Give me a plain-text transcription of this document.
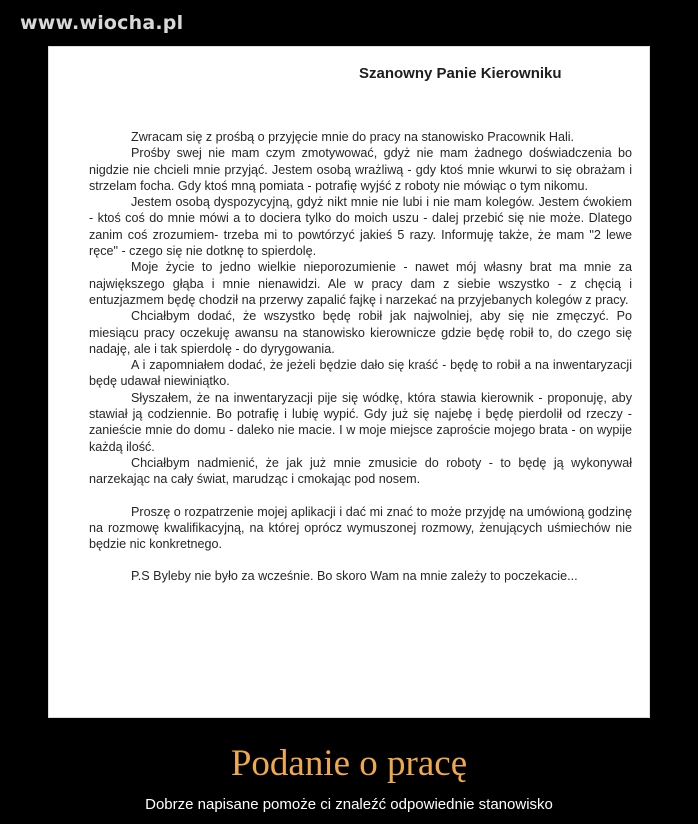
www.wiocha.pl
Szanowny Panie Kierowniku

Zwracam się z prośbą o przyjęcie mnie do pracy na stanowisko Pracownik Hali.

Prośby swej nie mam czym zmotywować, gdyż nie mam żadnego doświadczenia bo nigdzie nie chcieli mnie przyjąć. Jestem osobą wrażliwą - gdy ktoś mnie wkurwi to się obrażam i strzelam focha. Gdy ktoś mną pomiata - potrafię wyjść z roboty nie mówiąc o tym nikomu.

Jestem osobą dyspozycyjną, gdyż nikt mnie nie lubi i nie mam kolegów. Jestem ćwokiem - ktoś coś do mnie mówi a to dociera tylko do moich uszu - dalej przebić się nie może. Dlatego zanim coś zrozumiem- trzeba mi to powtórzyć jakieś 5 razy. Informuję także, że mam "2 lewe ręce" - czego się nie dotknę to spierdolę.

Moje życie to jedno wielkie nieporozumienie - nawet mój własny brat ma mnie za największego głąba i mnie nienawidzi. Ale w pracy dam z siebie wszystko - z chęcią i entuzjazmem będę chodził na przerwy zapalić fajkę i narzekać na przyjebanych kolegów z pracy.

Chciałbym dodać, że wszystko będę robił jak najwolniej, aby się nie zmęczyć. Po miesiącu pracy oczekuję awansu na stanowisko kierownicze gdzie będę robił to, do czego się nadaję, ale i tak spierdolę - do dyrygowania.

A i zapomniałem dodać, że jeżeli będzie dało się kraść - będę to robił a na inwentaryzacji będę udawał niewiniątko.

Słyszałem, że na inwentaryzacji pije się wódkę, która stawia kierownik - proponuję, aby stawiał ją codziennie. Bo potrafię i lubię wypić. Gdy już się najebę i będę pierdolił od rzeczy - zanieście mnie do domu - daleko nie macie. I w moje miejsce zaproście mojego brata - on wypije każdą ilość.

Chciałbym nadmienić, że jak już mnie zmusicie do roboty - to będę ją wykonywał narzekając na cały świat, marudząc i cmokając pod nosem.

Proszę o rozpatrzenie mojej aplikacji i dać mi znać to może przyjdę na umówioną godzinę na rozmowę kwalifikacyjną, na której oprócz wymuszonej rozmowy, żenujących uśmiechów nie będzie nic konkretnego.

P.S Byleby nie było za wcześnie. Bo skoro Wam na mnie zależy to poczekacie...

Podanie o pracę
Dobrze napisane pomoże ci znaleźć odpowiednie stanowisko
